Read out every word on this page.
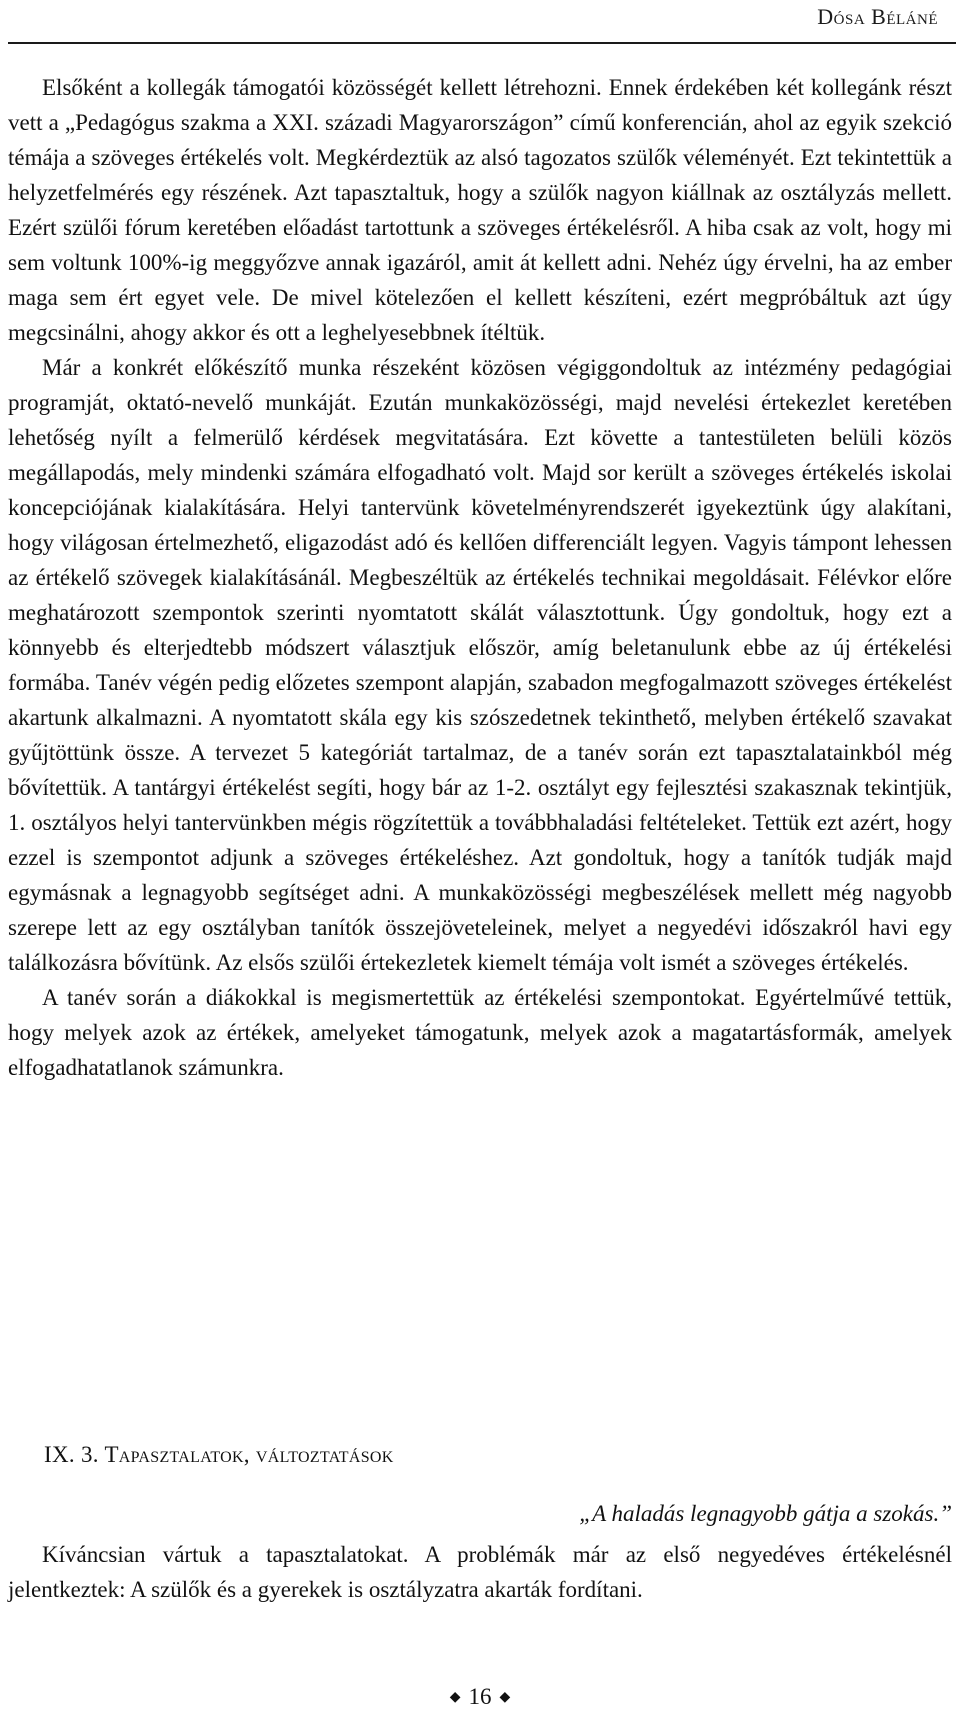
Dósa Béláné

Elsőként a kollegák támogatói közösségét kellett létrehozni. Ennek érdekében két kollegánk részt vett a „Pedagógus szakma a XXI. századi Magyarországon” című konferencián, ahol az egyik szekció témája a szöveges értékelés volt. Megkérdeztük az alsó tagozatos szülők véleményét. Ezt tekintettük a helyzetfelmérés egy részének. Azt tapasztaltuk, hogy a szülők nagyon kiállnak az osztályzás mellett. Ezért szülői fórum keretében előadást tartottunk a szöveges értékelésről. A hiba csak az volt, hogy mi sem voltunk 100%-ig meggyőzve annak igazáról, amit át kellett adni. Nehéz úgy érvelni, ha az ember maga sem ért egyet vele. De mivel kötelezően el kellett készíteni, ezért megpróbáltuk azt úgy megcsinálni, ahogy akkor és ott a leghelyesebbnek ítéltük.

Már a konkrét előkészítő munka részeként közösen végiggondoltuk az intézmény pedagógiai programját, oktató-nevelő munkáját. Ezután munkaközösségi, majd nevelési értekezlet keretében lehetőség nyílt a felmerülő kérdések megvitatására. Ezt követte a tantestületen belüli közös megállapodás, mely mindenki számára elfogadható volt. Majd sor került a szöveges értékelés iskolai koncepciójának kialakítására. Helyi tantervünk követelményrendszerét igyekeztünk úgy alakítani, hogy világosan értelmezhető, eligazodást adó és kellően differenciált legyen. Vagyis támpont lehessen az értékelő szövegek kialakításánál. Megbeszéltük az értékelés technikai megoldásait. Félévkor előre meghatározott szempontok szerinti nyomtatott skálát választottunk. Úgy gondoltuk, hogy ezt a könnyebb és elterjedtebb módszert választjuk először, amíg beletanulunk ebbe az új értékelési formába. Tanév végén pedig előzetes szempont alapján, szabadon megfogalmazott szöveges értékelést akartunk alkalmazni. A nyomtatott skála egy kis szószedetnek tekinthető, melyben értékelő szavakat gyűjtöttünk össze. A tervezet 5 kategóriát tartalmaz, de a tanév során ezt tapasztalatainkból még bővítettük. A tantárgyi értékelést segíti, hogy bár az 1-2. osztályt egy fejlesztési szakasznak tekintjük, 1. osztályos helyi tantervünkben mégis rögzítettük a továbbhaladási feltételeket. Tettük ezt azért, hogy ezzel is szempontot adjunk a szöveges értékeléshez. Azt gondoltuk, hogy a tanítók tudják majd egymásnak a legnagyobb segítséget adni. A munkaközösségi megbeszélések mellett még nagyobb szerepe lett az egy osztályban tanítók összejöveteleinek, melyet a negyedévi időszakról havi egy találkozásra bővítünk. Az elsős szülői értekezletek kiemelt témája volt ismét a szöveges értékelés.

A tanév során a diákokkal is megismertettük az értékelési szempontokat. Egyértelművé tettük, hogy melyek azok az értékek, amelyeket támogatunk, melyek azok a magatartásformák, amelyek elfogadhatatlanok számunkra.

IX. 3. Tapasztalatok, változtatások
„A haladás legnagyobb gátja a szokás.”

Kíváncsian vártuk a tapasztalatokat. A problémák már az első negyedéves értékelésnél jelentkeztek: A szülők és a gyerekek is osztályzatra akarták fordítani.

◆ 16 ◆
